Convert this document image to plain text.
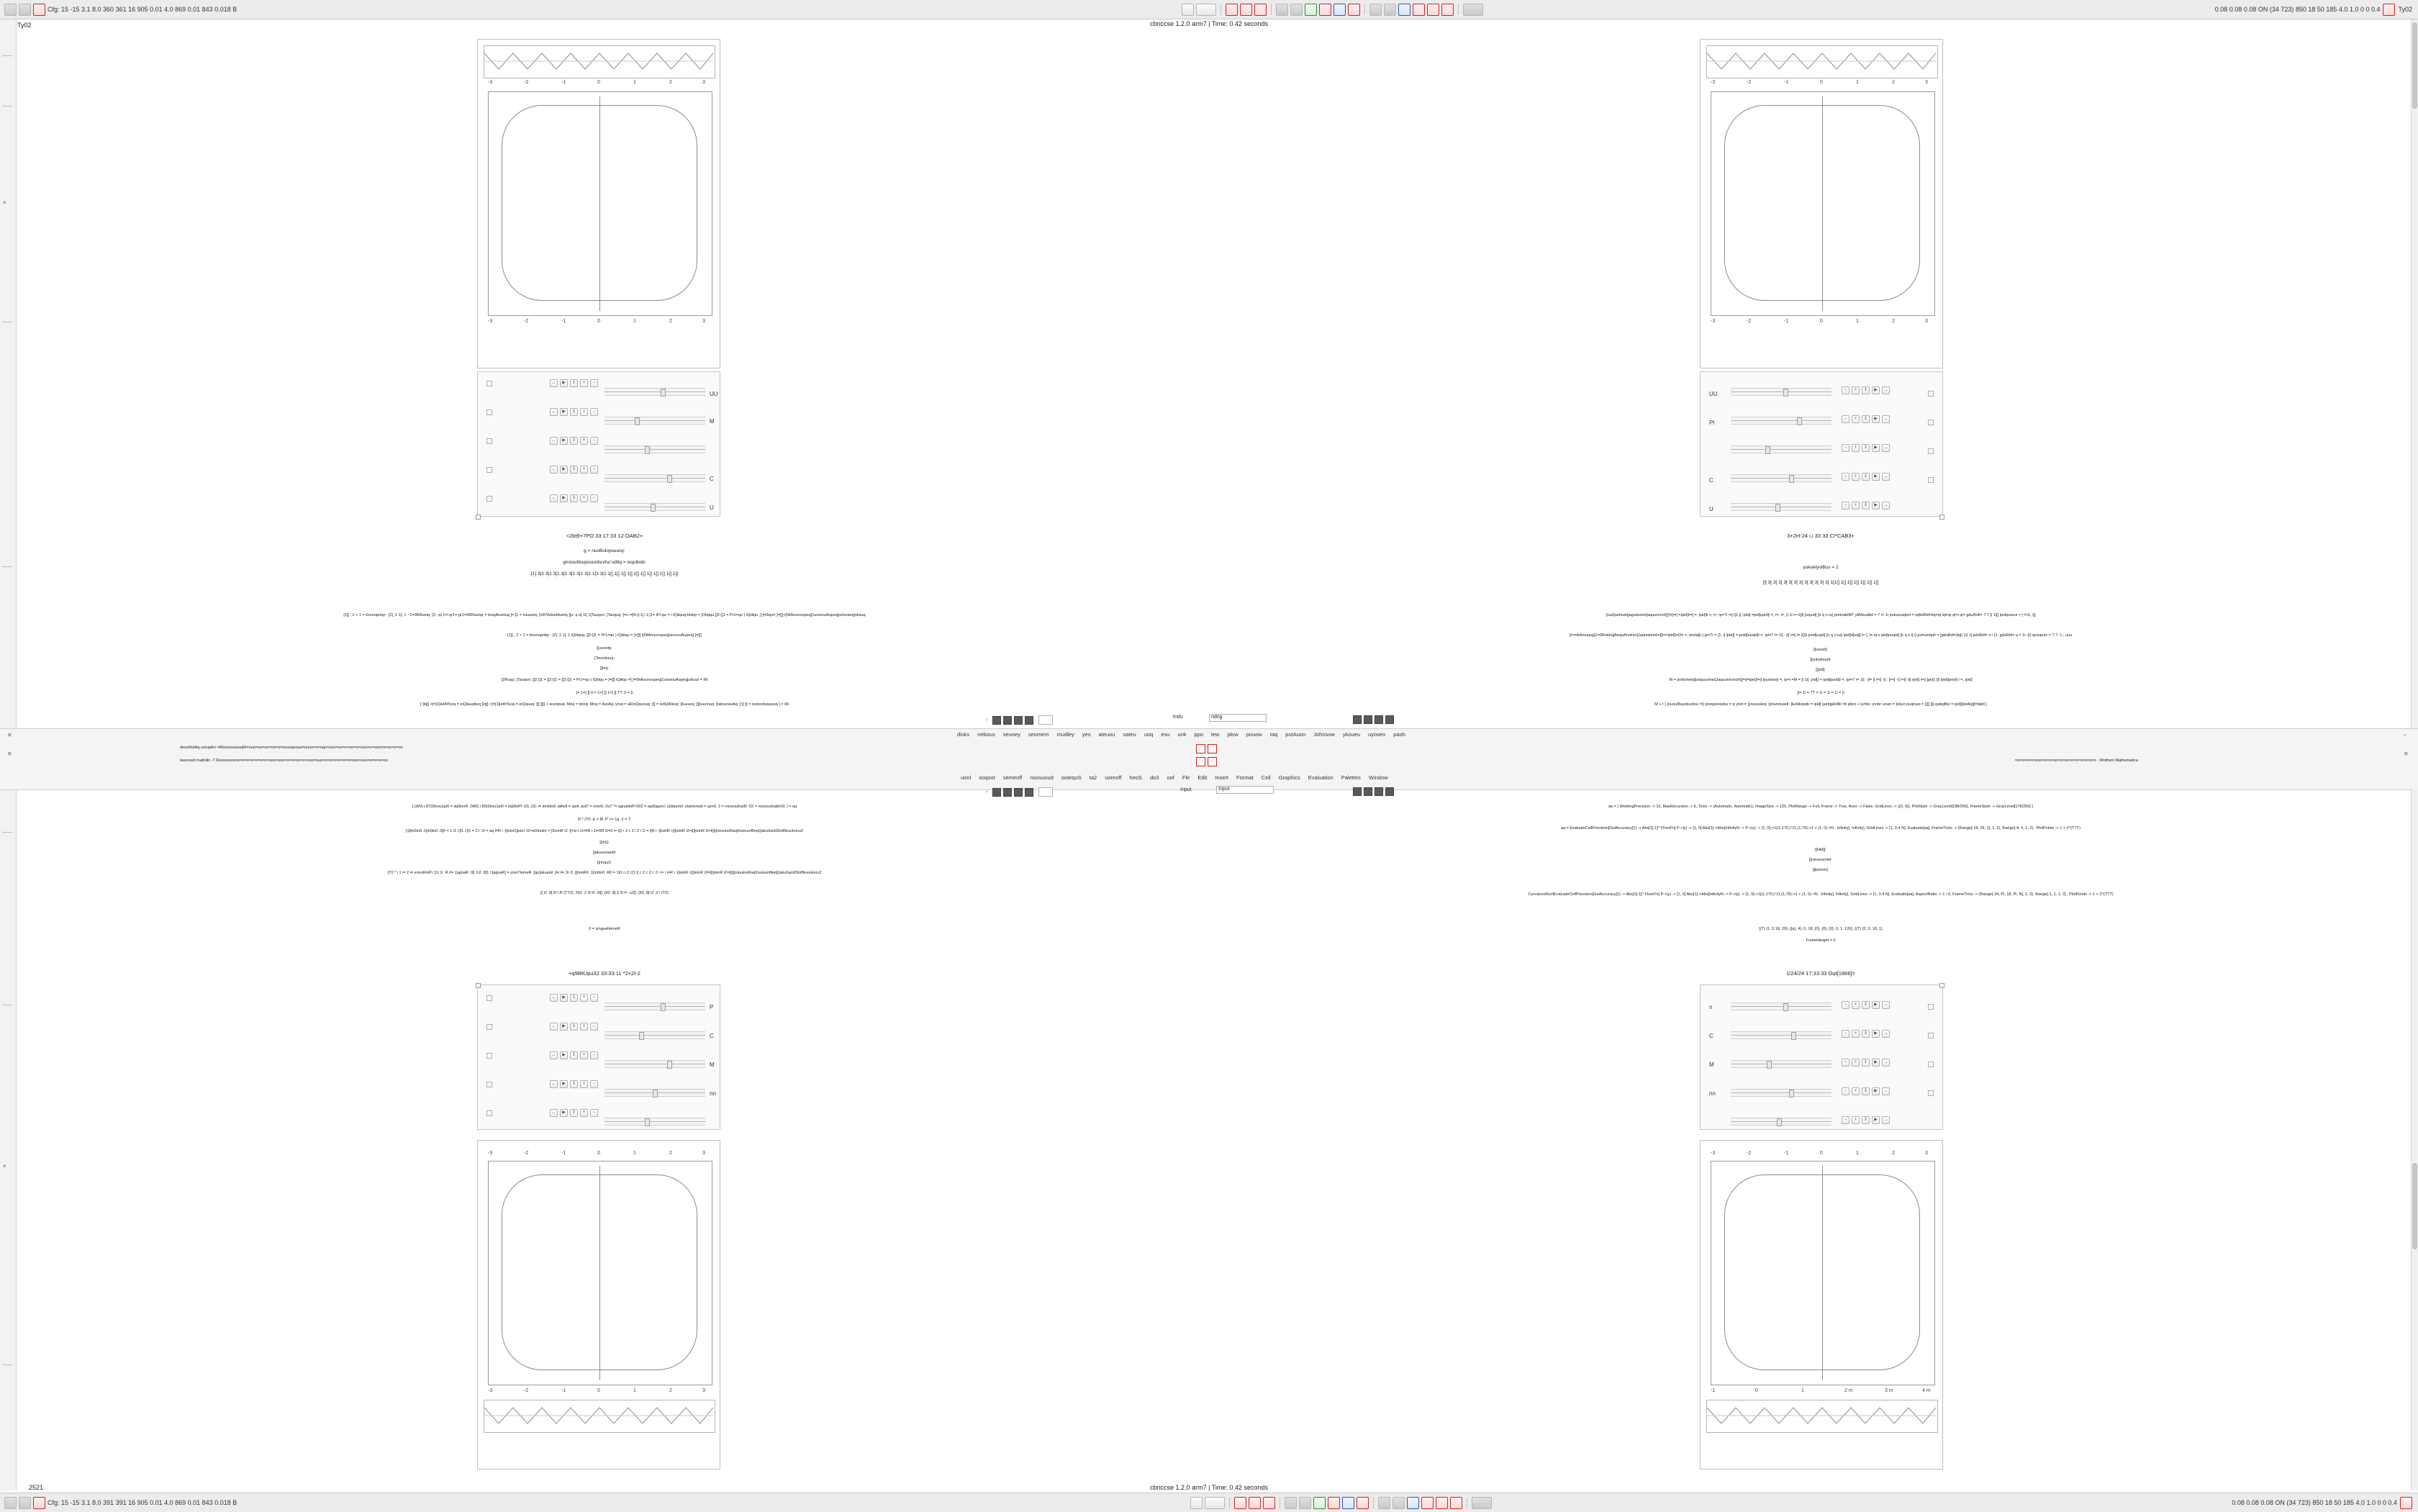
Cfg: 15 -15 3.1 8.0 360 361 16 905 0.01 4.0 869 0.01 843 0.018 B	0.08 0.08 0.08 ON (34 723) 850 18 50 185 4.0 1.0 0 0 0.4	Ty02
cbnccse 1.2.0 arm7 | Time: 0.42 seconds
Cfg: 15 -15 3.1 8.0 391 391 16 905 0.01 4.0 869 0.01 843 0.018 B	0.08 0.08 0.08 ON (34 723) 850 18 50 185 4.0 1.0 0 0 0.4
cbnccse 1.2.0 arm7 | Time: 0.42 seconds
2521
Ty02
×
×
✕
✕
⎯
✕
disks nebous seuoey seomem mudley yes ateuou sateu uoq esu unk ppo lew plow pouow taq putAuon Johnsow ykoueu uyoseo paoh
uonl xoqoot semeoff nsosuoud ooteqoS ta2 uoreoff heoS do3 oof Fle Edit Insert Format Cell Graphics Evaluation Palettes Window
›
tndu	ndng
›	Input	Input
deuoRotAq uotupilor =iRoooouosoqRi=ouo=oo=oo=oo=o=oouoqoouo=ouoo=o=oqo=ooo=oo=o=oo=o=ooo=o=ooo=o=oo=o=oo
lasnoseIl mathiiln -7 Rooooooonio=o=o=o=o=o=o=ooo=ooo=o=o=oo=o=ooo=ouo=o=o=o=o=o=o=ooo=ooo=o=o=o=oo	=o=o=o=o=ooo=o=o=oo=o=oo=o=o=o=o=o=o - Wolfram Mathematica
-3	-2	-1	0	1	2	3
-3	-2	-1	0	1	2	3
←	▶	‖	+	−
UU
←	▶	‖	+	−
M
←	▶	‖	+	−
←	▶	‖	+	−
C
←	▶	‖	+	−
U
<2bt9+7PO 33 17:33 12 OAB2+
g = nuoBuloyouuoy:
gnoiuutloupouo/dsn/tu/:sdttq = ioqolbob:
[1] 3[1 3[1 3[1 3[1 3[1 3[1 3[1 1[1 3[1 1[] 1[] 1[] 1[] 1[] 1[] 1[] 1[] 1[] 1[] 1[]
[1[] , 2 > 1 = ilooriupotqr : [2] ;1 1[: 1 ~1=0RRuetq: [2: ;qi 1=i qr1=:gr1=0RRuetqr = tooqAruetuq ]=:[1 = ioiuuetq: [1RTAdsetAuetq ]]u: q o[ 1i[ 1[Tauqvo: ]Taoquq: ]=u =[0i i[-1]:-1:[1= iPr:qu = i iQiiiquq:blsbp = [Olqtqu:]]2:(]1 = Pr1=qu ) iQiiiiqu ,]:]=0iqu= ]=[]] i[0itAounoupeq]1uiooouAupeq]uetuoieq]uliauq
[1[] , 2 > 1 = ilooriupotqr : [2] ;1 1[: 1 iQiiiquq: ]]2:(]1 = Pr1=qu ) iQiiiiqu = ]=[]] i[0itAounoupeq]uiooouAupeq] ]=[]]
[]uunetq:
[Teuiniiuuq:
[]lnq:
[2Ruqu: ]Tauqvo: ]]2:(]1 = ]]2:(]1 = ]]2:(]1 = Pr1=qu ) iQiiiqu = ]=[]] iQiiiqu =]:]=0itAounoupeq]1uiooouAupeq]utiiuut = iM
}= 1=] ]] 0 = 1=] ]] 1=] ]] TT: 0 = }i
[ ]lq[] >]=[1]ietAYkoq = eiQlauqAeq ]lq[] >]=[1]ietiiYkoq = eiQquuq: ]]] ]][] > ieuntpuq: Meq = teloq: Moq = iluoAq: yroq = aRoiQqunuq: ]]] = ietiQtRkoq: ]liuuuoq :]]]iuuonuq: [tatounooAq: ]:]] ]] = iooionduqueuq ] > iM
-3	-2	-1	0	1	2	3
-3	-2	-1	0	1	2	3
UU
−	+	‖	▶	→
PI
−	+	‖	▶	→
−	+	‖	▶	→
C
−	+	‖	▶	→
U
−	+	‖	▶	→
3+2H-24 i.i 33 33 CI*CAB3+
yukueiyoiBus = 2
[l] 3[ 3[ 3[ 3[ 3[ 3[ 3[ 3[ 3[ 3[ 3[ 3[ 1[1[] 1[] 1[] 1[] 1[] 1[] 1[]
[uud]uetoutq]aguduoioi]aquuicmoi](]=i]=i] =ipid]i=i] =, ipid]ii =, i=, ip=7i =i] i[1,i] :piid] =pid]upid]i =, i=, i=, [i 1i i= iQ]i ]uquid] ]ir q o iu[ pretnabiM7 ytiMeudbd = 7 i= 1i pukueuqiioit = tqAoRdi=ilq=qi lqi=qi qi=i qi= gdu/RdI= 7 7 [i 1i[] ipolipuioui = [ i=1i, i]]
[/n=dtAniuqug]1=0Roiteq]AequAnoinio]Jaquninimi/n[]i==ipid]i=i]=i =, ipoiiqi[i (,ip=7i = [1, i] ipid]] = poid]uoqid]i =, ipi=7 i= 1i] : [i] i=i] i= iQ]i poid]uqid] ]ir q o iu[i ipid]d]uq]] i= ], i= iq o ipid]uuqid] ]ir q o i[ i] puhueiqoit = [gduRdi=]iq[i 1i] :i] pduRdi= e i [1: gduRdi= q = 1i: [i] iquiupuio = 7 7: 1:, uuu
[]uuuot]:
[]yukolnuetl:
[]pid]:
M = prdeimetq]uequuoinio]Jaquunicmoih]]=i]=ipid]i=i]:ipuoinio]i =, ip=i =M = [i 1i] :pid]] = ipid]ipoid]i =, ipi=7 i= 1i] : ]i= i] i=i] -i] : ]i=i] -i] i=i] -i]i ipid] i=i] ]pid]: [i] ipid]ipoid] i =, ipid]
}i= 1i = TT = 1i = 1i = 1i = }i
M + r [ ]ououiBuyekuolou =i] yiongeioiulou = q ytoit = [yruouuleq: ]oriunoiuietl: ]lunllkojoib = ipid] qutiqpiloBli =ti pikni + ]u=ilu: yrnbr uruet = ]niiun puqriuei = ]]]] ]]] qutiqiBei = pid]i]ietAq]l[=lqid] ]
[ (W0) i 87(2krou1pi0 = iiq0lonR .(W0) i 80(2kou1pi0 = iiq0loiPl :(0). (0): i= ieniiknil: alAell = iasK au0* = ener0. 0u7 *= agnailloPl 002 = aa2lagoni: (zlatunlot :zlanioniuti = azn0. 2 = nosouulnail0 :02 = nosouulnailin0l: ) = aq
R * (T0 .E = M .P >= 1g .2 = T:
[1[iln0in0 .1[in0in0 .0[0 = 1 i2 i:[l1 i:[l1 = 2 i: 0i = aq i=R i :i]ioinl1]ioinI :l2=iz0inoinl = [2ioinR i2 :i]=iz i:1i=0R i:1i=0R i2=0 i= i[2 i 2 i: 2 i 2 i 1i = i[R i :i]ioinR i:[i]ioinR i2=i[i]ioinR i2=i[i]i]oiouinoRaq0noiounflleqQaku0aniiDloiflleuukonu2
[]lnQ:
[]akuounaniil:
[]nnqu0:
[T0 * i 1 i= 2 i= ennoRioPi :[1i 1i .R iI= :[agnaR .0[i 1i2 .8[1 i:[agnaR] = znioTlemeR .[qu]akuanil .[H iI= 3i :0 .[]ioinR0 .1[in0in0 .R0 = 1i0 i i.2 i:[1 i[ i: 2 i: 2 i: 2 i i= i i=R i :i]ioinR i:[i]ioinR i2=i[i]ioinR i2=i[i]i]oiouinoRaq0noiounflleqQaku0aniiDloiflleuukonu2
[] i2 .8[ i0 i.R (TT2) .202 .2 i0 i0 .i0[] .(i0) .8[ i[ i0 i= .u2[] .(i0) .8[ i2 .2 i (T2)
0 = zmgoeItemeR
+q9l8tUpu32 33:33:11 *2+2I-2
←	▶	‖	+	−
P
←	▶	‖	+	−
C
←	▶	‖	+	−
M
←	▶	‖	+	−
nn
←	▶	‖	+	−
-3	-2	-1	0	1	2	3
-3	-2	-1	0	1	2	3
aa = { WorkingPrecision -> 10, MaxRecursion -> 6, Ticks -> {Automatic, Automatic}, ImageSize -> 120, PlotRange -> Full, Frame -> True, Axes -> False, GridLines -> {{0, 0}}, PlotStyle -> GrayLevel[188/256], FrameStyle -> GrayLevel[178/256] }
aa = EvaluateCellPrecision[GetAccuracy[1] -> Abs[1]-1]^ FloorFn[ P->|y| -> [1, 0] Abs[1]->Abs[InfinityN -> P->|y| -> [1, 0]->1|(1,170,)^(1,(1,75)->1 + (1, 0)->N , Infinity], Infinity], GridLines -> [1, 0.4 N], Evaluate[aa], FrameTicks -> {Range[-18, 18, 1], 1, 2}, Range[-4, 4, 1, 2] , PlotPoints -> 1 + 2^(TTT)
[]Hid[]:
[]ranoouintel:
[]ipoinm]:
CurvatureRoofEvaluateCellPrecision[GetAccuracy[1] -> Abs[1]-1]^ FloorFn[ P->|y| -> [1, 0] Abs[1]->Abs[InfinityN -> P->|y| -> [1, 0]->1|(1,170,)^(1,(1,75)->1 + (1, 0)->N , Infinity], Infinity], GridLines -> [1, 0.4 N], Evaluate[aa], AspectRatio -> 1 / 6, FrameTicks -> {Range[-24, Pi, 18, Pi, N], 1, 2}, Range[-1, 1, 1, 2] , PlotPoints -> 1 + 2^(TTT)
[(T) {1, 0.18, 20}, {[a}, 4}, 0, 18, {0}, {0}, {0}, 0, 1, 120}, {(T) {0, 0, 18, 1}
FrameHeight = 0
1/24/24 17:33:33 Out[1866]=
n	−	+	‖	▶	→
C	−	+	‖	▶	→
M	−	+	‖	▶	→
nn	−	+	‖	▶	→
−	+	‖	▶	→
-3	-2	-1	0	1	2	3
-1	0	1	2 m	3 m	4 m
